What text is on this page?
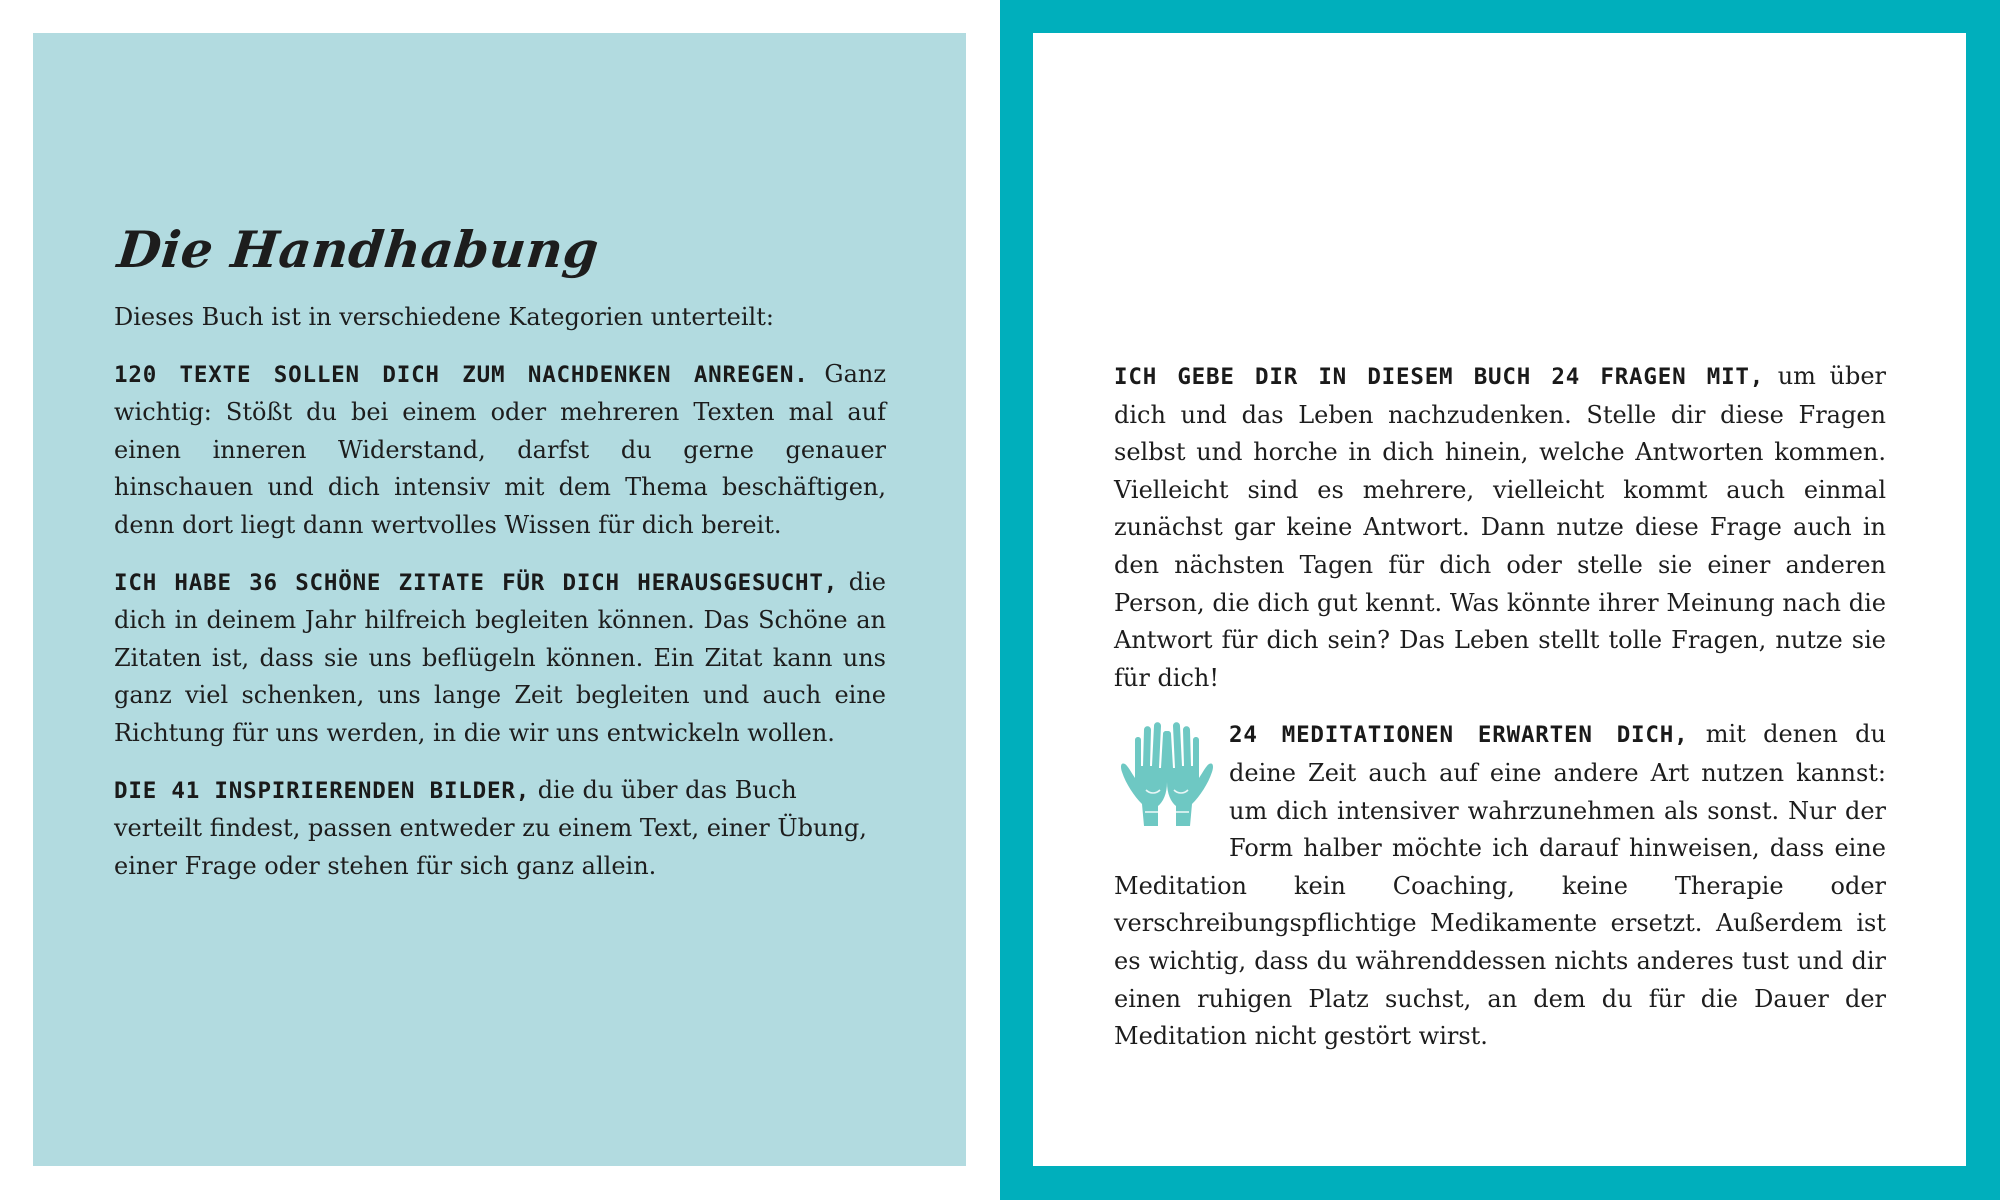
Die Handhabung

Dieses Buch ist in verschiedene Kategorien unterteilt:

120 TEXTE SOLLEN DICH ZUM NACHDENKEN ANREGEN. Ganz wichtig: Stößt du bei einem oder mehreren Texten mal auf einen inneren Widerstand, darfst du gerne genauer hinschauen und dich intensiv mit dem Thema beschäftigen, denn dort liegt dann wertvolles Wissen für dich bereit.

ICH HABE 36 SCHÖNE ZITATE FÜR DICH HERAUSGESUCHT, die dich in deinem Jahr hilfreich begleiten können. Das Schöne an Zitaten ist, dass sie uns beflügeln können. Ein Zitat kann uns ganz viel schenken, uns lange Zeit begleiten und auch eine Richtung für uns werden, in die wir uns entwickeln wollen.

DIE 41 INSPIRIERENDEN BILDER, die du über das Buch verteilt findest, passen entweder zu einem Text, einer Übung, einer Frage oder stehen für sich ganz allein.

ICH GEBE DIR IN DIESEM BUCH 24 FRAGEN MIT, um über dich und das Leben nachzudenken. Stelle dir diese Fragen selbst und horche in dich hinein, welche Antworten kommen. Vielleicht sind es mehrere, vielleicht kommt auch einmal zunächst gar keine Antwort. Dann nutze diese Frage auch in den nächsten Tagen für dich oder stelle sie einer anderen Person, die dich gut kennt. Was könnte ihrer Meinung nach die Antwort für dich sein? Das Leben stellt tolle Fragen, nutze sie für dich!

24 MEDITATIONEN ERWARTEN DICH, mit denen du deine Zeit auch auf eine andere Art nutzen kannst: um dich intensiver wahrzunehmen als sonst. Nur der Form halber möchte ich darauf hinweisen, dass eine Meditation kein Coaching, keine Therapie oder verschreibungspflichtige Medikamente ersetzt. Außerdem ist es wichtig, dass du währenddessen nichts anderes tust und dir einen ruhigen Platz suchst, an dem du für die Dauer der Meditation nicht gestört wirst.
